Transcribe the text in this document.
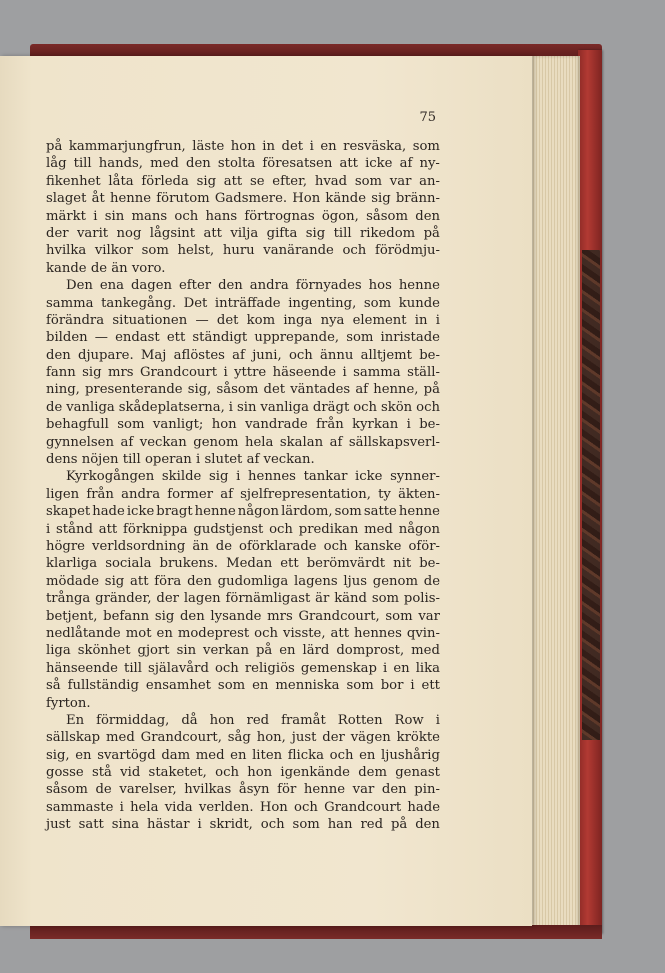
75
på kammarjungfrun, läste hon in det i en resväska, som
låg till hands, med den stolta föresatsen att icke af ny-
fikenhet låta förleda sig att se efter, hvad som var an-
slaget åt henne förutom Gadsmere. Hon kände sig bränn-
märkt i sin mans och hans förtrognas ögon, såsom den
der varit nog lågsint att vilja gifta sig till rikedom på
hvilka vilkor som helst, huru vanärande och förödmju-
kande de än voro.
Den ena dagen efter den andra förnyades hos henne
samma tankegång. Det inträffade ingenting, som kunde
förändra situationen — det kom inga nya element in i
bilden — endast ett ständigt upprepande, som inristade
den djupare. Maj aflöstes af juni, och ännu alltjemt be-
fann sig mrs Grandcourt i yttre häseende i samma ställ-
ning, presenterande sig, såsom det väntades af henne, på
de vanliga skådeplatserna, i sin vanliga drägt och skön och
behagfull som vanligt; hon vandrade från kyrkan i be-
gynnelsen af veckan genom hela skalan af sällskapsverl-
dens nöjen till operan i slutet af veckan.
Kyrkogången skilde sig i hennes tankar icke synner-
ligen från andra former af sjelfrepresentation, ty äkten-
skapet hade icke bragt henne någon lärdom, som satte henne
i stånd att förknippa gudstjenst och predikan med någon
högre verldsordning än de oförklarade och kanske oför-
klarliga sociala brukens. Medan ett berömvärdt nit be-
mödade sig att föra den gudomliga lagens ljus genom de
trånga gränder, der lagen förnämligast är känd som polis-
betjent, befann sig den lysande mrs Grandcourt, som var
nedlåtande mot en modeprest och visste, att hennes qvin-
liga skönhet gjort sin verkan på en lärd domprost, med
hänseende till själavård och religiös gemenskap i en lika
så fullständig ensamhet som en menniska som bor i ett
fyrton.
En förmiddag, då hon red framåt Rotten Row i
sällskap med Grandcourt, såg hon, just der vägen krökte
sig, en svartögd dam med en liten flicka och en ljushårig
gosse stå vid staketet, och hon igenkände dem genast
såsom de varelser, hvilkas åsyn för henne var den pin-
sammaste i hela vida verlden. Hon och Grandcourt hade
just satt sina hästar i skridt, och som han red på den
